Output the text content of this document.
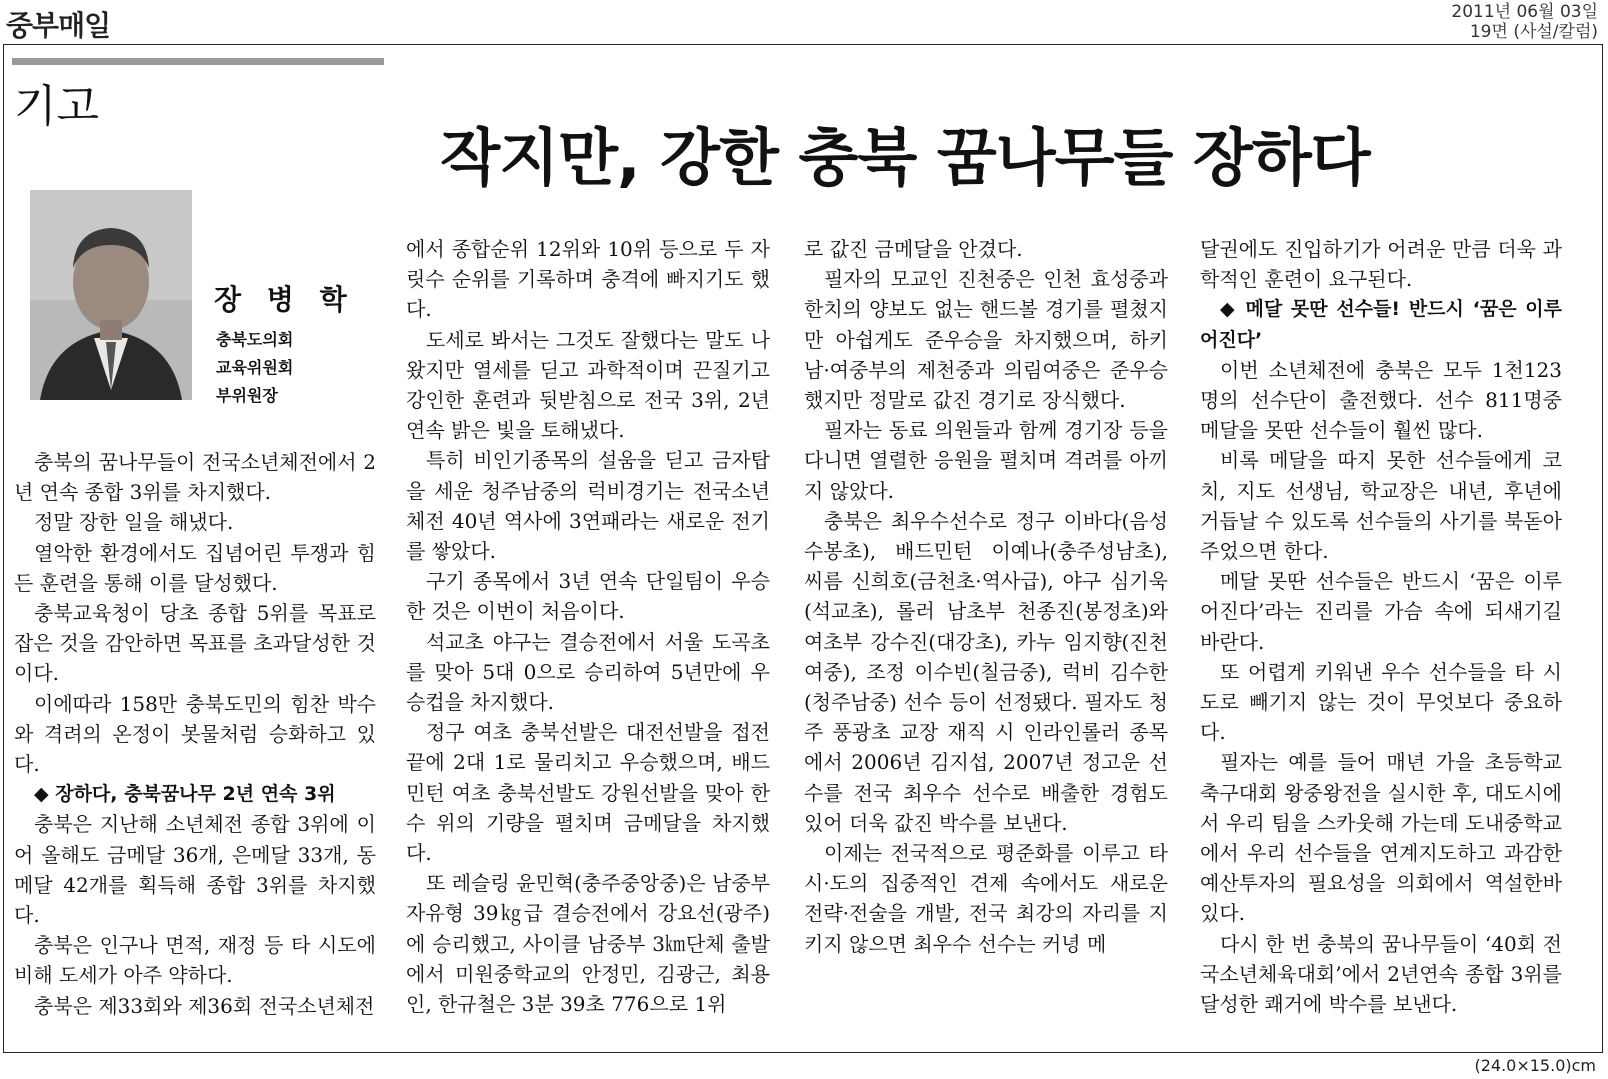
중부매일	2011년 06월 03일
19면 (사설/칼럼)
기고
작지만, 강한 충북 꿈나무들 장하다
장 병 학
충북도의회
교육위원회
부위원장

충북의 꿈나무들이 전국소년체전에서 2년 연속 종합 3위를 차지했다.

정말 장한 일을 해냈다.

열악한 환경에서도 집념어린 투쟁과 힘든 훈련을 통해 이를 달성했다.

충북교육청이 당초 종합 5위를 목표로 잡은 것을 감안하면 목표를 초과달성한 것이다.

이에따라 158만 충북도민의 힘찬 박수와 격려의 온정이 봇물처럼 승화하고 있다.

◆ 장하다, 충북꿈나무 2년 연속 3위

충북은 지난해 소년체전 종합 3위에 이어 올해도 금메달 36개, 은메달 33개, 동메달 42개를 획득해 종합 3위를 차지했다.

충북은 인구나 면적, 재정 등 타 시도에 비해 도세가 아주 약하다.

충북은 제33회와 제36회 전국소년체전

에서 종합순위 12위와 10위 등으로 두 자릿수 순위를 기록하며 충격에 빠지기도 했다.

도세로 봐서는 그것도 잘했다는 말도 나왔지만 열세를 딛고 과학적이며 끈질기고 강인한 훈련과 뒷받침으로 전국 3위, 2년 연속 밝은 빛을 토해냈다.

특히 비인기종목의 설움을 딛고 금자탑을 세운 청주남중의 럭비경기는 전국소년체전 40년 역사에 3연패라는 새로운 전기를 쌓았다.

구기 종목에서 3년 연속 단일팀이 우승한 것은 이번이 처음이다.

석교초 야구는 결승전에서 서울 도곡초를 맞아 5대 0으로 승리하여 5년만에 우승컵을 차지했다.

정구 여초 충북선발은 대전선발을 접전 끝에 2대 1로 물리치고 우승했으며, 배드민턴 여초 충북선발도 강원선발을 맞아 한 수 위의 기량을 펼치며 금메달을 차지했다.

또 레슬링 윤민혁(충주중앙중)은 남중부 자유형 39㎏급 결승전에서 강요선(광주)에 승리했고, 사이클 남중부 3㎞단체 출발에서 미원중학교의 안정민, 김광근, 최용인, 한규철은 3분 39초 776으로 1위

로 값진 금메달을 안겼다.

필자의 모교인 진천중은 인천 효성중과 한치의 양보도 없는 핸드볼 경기를 펼쳤지만 아쉽게도 준우승을 차지했으며, 하키 남·여중부의 제천중과 의림여중은 준우승했지만 정말로 값진 경기로 장식했다.

필자는 동료 의원들과 함께 경기장 등을 다니면 열렬한 응원을 펼치며 격려를 아끼지 않았다.

충북은 최우수선수로 정구 이바다(음성수봉초), 배드민턴 이예나(충주성남초), 씨름 신희호(금천초·역사급), 야구 심기욱(석교초), 롤러 남초부 천종진(봉정초)와 여초부 강수진(대강초), 카누 임지향(진천여중), 조정 이수빈(칠금중), 럭비 김수한(청주남중) 선수 등이 선정됐다. 필자도 청주 풍광초 교장 재직 시 인라인롤러 종목에서 2006년 김지섭, 2007년 정고운 선수를 전국 최우수 선수로 배출한 경험도 있어 더욱 값진 박수를 보낸다.

이제는 전국적으로 평준화를 이루고 타 시·도의 집중적인 견제 속에서도 새로운 전략·전술을 개발, 전국 최강의 자리를 지키지 않으면 최우수 선수는 커녕 메

달권에도 진입하기가 어려운 만큼 더욱 과학적인 훈련이 요구된다.

◆ 메달 못딴 선수들! 반드시 ‘꿈은 이루어진다’

이번 소년체전에 충북은 모두 1천123명의 선수단이 출전했다. 선수 811명중 메달을 못딴 선수들이 훨씬 많다.

비록 메달을 따지 못한 선수들에게 코치, 지도 선생님, 학교장은 내년, 후년에 거듭날 수 있도록 선수들의 사기를 북돋아 주었으면 한다.

메달 못딴 선수들은 반드시 ‘꿈은 이루어진다’라는 진리를 가슴 속에 되새기길 바란다.

또 어렵게 키워낸 우수 선수들을 타 시도로 빼기지 않는 것이 무엇보다 중요하다.

필자는 예를 들어 매년 가을 초등학교 축구대회 왕중왕전을 실시한 후, 대도시에서 우리 팀을 스카웃해 가는데 도내중학교에서 우리 선수들을 연계지도하고 과감한 예산투자의 필요성을 의회에서 역설한바 있다.

다시 한 번 충북의 꿈나무들이 ‘40회 전국소년체육대회’에서 2년연속 종합 3위를 달성한 쾌거에 박수를 보낸다.

(24.0×15.0)cm
